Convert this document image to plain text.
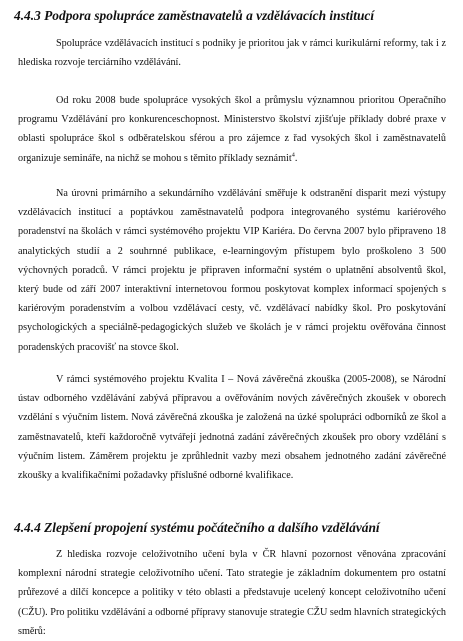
4.4.3 Podpora spolupráce zaměstnavatelů a vzdělávacích institucí

Spolupráce vzdělávacích institucí s podniky je prioritou jak v rámci kurikulární reformy, tak i z hlediska rozvoje terciárního vzdělávání.

Od roku 2008 bude spolupráce vysokých škol a průmyslu významnou prioritou Operačního programu Vzdělávání pro konkurenceschopnost. Ministerstvo školství zjišťuje příklady dobré praxe v oblasti spolupráce škol s odběratelskou sférou a pro zájemce z řad vysokých škol i zaměstnavatelů organizuje semináře, na nichž se mohou s těmito příklady seznámit$^4$.

Na úrovni primárního a sekundárního vzdělávání směřuje k odstranění disparit mezi výstupy vzdělávacích institucí a poptávkou zaměstnavatelů podpora integrovaného systému kariérového poradenství na školách v rámci systémového projektu VIP Kariéra. Do června 2007 bylo připraveno 18 analytických studií a 2 souhrnné publikace, e-learningovým přístupem bylo proškoleno 3 500 výchovných poradců. V rámci projektu je připraven informační systém o uplatnění absolventů škol, který bude od září 2007 interaktivní internetovou formou poskytovat komplex informací spojených s kariérovým poradenstvím a volbou vzdělávací cesty, vč. vzdělávací nabídky škol. Pro poskytování psychologických a speciálně-pedagogických služeb ve školách je v rámci projektu ověřována činnost poradenských pracovišť na stovce škol.

V rámci systémového projektu Kvalita I – Nová závěrečná zkouška (2005-2008), se Národní ústav odborného vzdělávání zabývá přípravou a ověřováním nových závěrečných zkoušek v oborech vzdělání s výučním listem. Nová závěrečná zkouška je založená na úzké spolupráci odborníků ze škol a zaměstnavatelů, kteří každoročně vytvářejí jednotná zadání závěrečných zkoušek pro obory vzdělání s výučním listem. Záměrem projektu je zprůhlednit vazby mezi obsahem jednotného zadání závěrečné zkoušky a kvalifikačními požadavky příslušné odborné kvalifikace.

4.4.4 Zlepšení propojení systému počátečního a dalšího vzdělávání

Z hlediska rozvoje celoživotního učení byla v ČR hlavní pozornost věnována zpracování komplexní národní strategie celoživotního učení. Tato strategie je základním dokumentem pro ostatní průřezové a dílčí koncepce a politiky v této oblasti a představuje ucelený koncept celoživotního učení (CŽU). Pro politiku vzdělávání a odborné přípravy stanovuje strategie CŽU sedm hlavních strategických směrů:
